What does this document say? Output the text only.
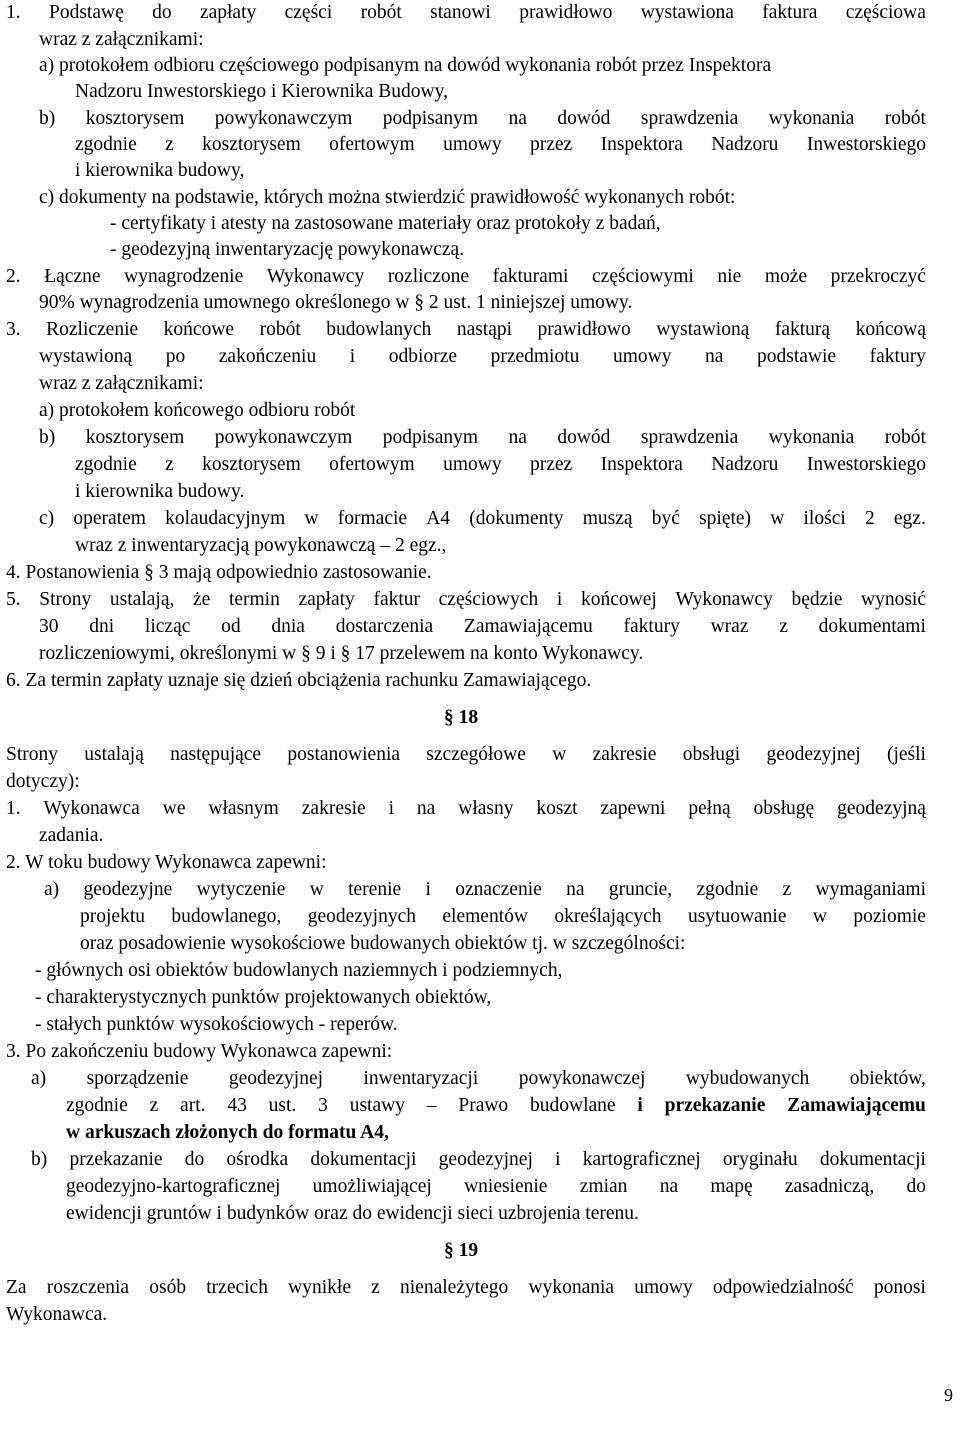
1. Podstawę do zapłaty części robót stanowi prawidłowo wystawiona faktura częściowa
wraz z załącznikami:
a) protokołem odbioru częściowego podpisanym na dowód wykonania robót przez Inspektora
Nadzoru Inwestorskiego i Kierownika Budowy,
b) kosztorysem powykonawczym podpisanym na dowód sprawdzenia wykonania robót
zgodnie z kosztorysem ofertowym umowy przez Inspektora Nadzoru Inwestorskiego
i kierownika budowy,
c) dokumenty na podstawie, których można stwierdzić prawidłowość wykonanych robót:
- certyfikaty i atesty na zastosowane materiały oraz protokoły z badań,
- geodezyjną inwentaryzację powykonawczą.
2. Łączne wynagrodzenie Wykonawcy rozliczone fakturami częściowymi nie może przekroczyć
90% wynagrodzenia umownego określonego w § 2 ust. 1 niniejszej umowy.
3. Rozliczenie końcowe robót budowlanych nastąpi prawidłowo wystawioną fakturą końcową
wystawioną po zakończeniu i odbiorze przedmiotu umowy na podstawie faktury
wraz z załącznikami:
a) protokołem końcowego odbioru robót
b) kosztorysem powykonawczym podpisanym na dowód sprawdzenia wykonania robót
zgodnie z kosztorysem ofertowym umowy przez Inspektora Nadzoru Inwestorskiego
i kierownika budowy.
c) operatem kolaudacyjnym w formacie A4 (dokumenty muszą być spięte) w ilości 2 egz.
wraz z inwentaryzacją powykonawczą – 2 egz.,
4. Postanowienia § 3 mają odpowiednio zastosowanie.
5. Strony ustalają, że termin zapłaty faktur częściowych i końcowej Wykonawcy będzie wynosić
30 dni licząc od dnia dostarczenia Zamawiającemu faktury wraz z dokumentami
rozliczeniowymi, określonymi w § 9 i § 17 przelewem na konto Wykonawcy.
6. Za termin zapłaty uznaje się dzień obciążenia rachunku Zamawiającego.
§ 18
Strony ustalają następujące postanowienia szczegółowe w zakresie obsługi geodezyjnej (jeśli
dotyczy):
1. Wykonawca we własnym zakresie i na własny koszt zapewni pełną obsługę geodezyjną
zadania.
2. W toku budowy Wykonawca zapewni:
a) geodezyjne wytyczenie w terenie i oznaczenie na gruncie, zgodnie z wymaganiami
projektu budowlanego, geodezyjnych elementów określających usytuowanie w poziomie
oraz posadowienie wysokościowe budowanych obiektów tj. w szczególności:
- głównych osi obiektów budowlanych naziemnych i podziemnych,
- charakterystycznych punktów projektowanych obiektów,
- stałych punktów wysokościowych - reperów.
3. Po zakończeniu budowy Wykonawca zapewni:
a) sporządzenie geodezyjnej inwentaryzacji powykonawczej wybudowanych obiektów,
zgodnie z art. 43 ust. 3 ustawy – Prawo budowlane i przekazanie Zamawiającemu
w arkuszach złożonych do formatu A4,
b) przekazanie do ośrodka dokumentacji geodezyjnej i kartograficznej oryginału dokumentacji
geodezyjno-kartograficznej umożliwiającej wniesienie zmian na mapę zasadniczą, do
ewidencji gruntów i budynków oraz do ewidencji sieci uzbrojenia terenu.
§ 19
Za roszczenia osób trzecich wynikłe z nienależytego wykonania umowy odpowiedzialność ponosi
Wykonawca.
9
